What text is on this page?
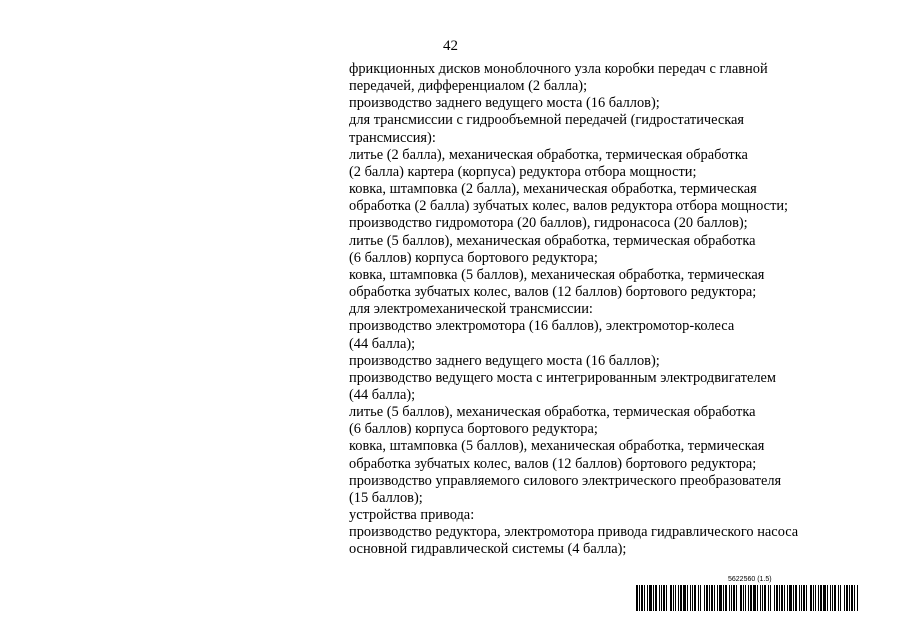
42
фрикционных дисков моноблочного узла коробки передач с главной
передачей, дифференциалом (2 балла);
производство заднего ведущего моста (16 баллов);
для трансмиссии с гидрообъемной передачей (гидростатическая
трансмиссия):
литье (2 балла), механическая обработка, термическая обработка
(2 балла) картера (корпуса) редуктора отбора мощности;
ковка, штамповка (2 балла), механическая обработка, термическая
обработка (2 балла) зубчатых колес, валов редуктора отбора мощности;
производство гидромотора (20 баллов), гидронасоса (20 баллов);
литье (5 баллов), механическая обработка, термическая обработка
(6 баллов) корпуса бортового редуктора;
ковка, штамповка (5 баллов), механическая обработка, термическая
обработка зубчатых колес, валов (12 баллов) бортового редуктора;
для электромеханической трансмиссии:
производство электромотора (16 баллов), электромотор-колеса
(44 балла);
производство заднего ведущего моста (16 баллов);
производство ведущего моста с интегрированным электродвигателем
(44 балла);
литье (5 баллов), механическая обработка, термическая обработка
(6 баллов) корпуса бортового редуктора;
ковка, штамповка (5 баллов), механическая обработка, термическая
обработка зубчатых колес, валов (12 баллов) бортового редуктора;
производство управляемого силового электрического преобразователя
(15 баллов);
устройства привода:
производство редуктора, электромотора привода гидравлического насоса
основной гидравлической системы (4 балла);
5622560 (1.5)
